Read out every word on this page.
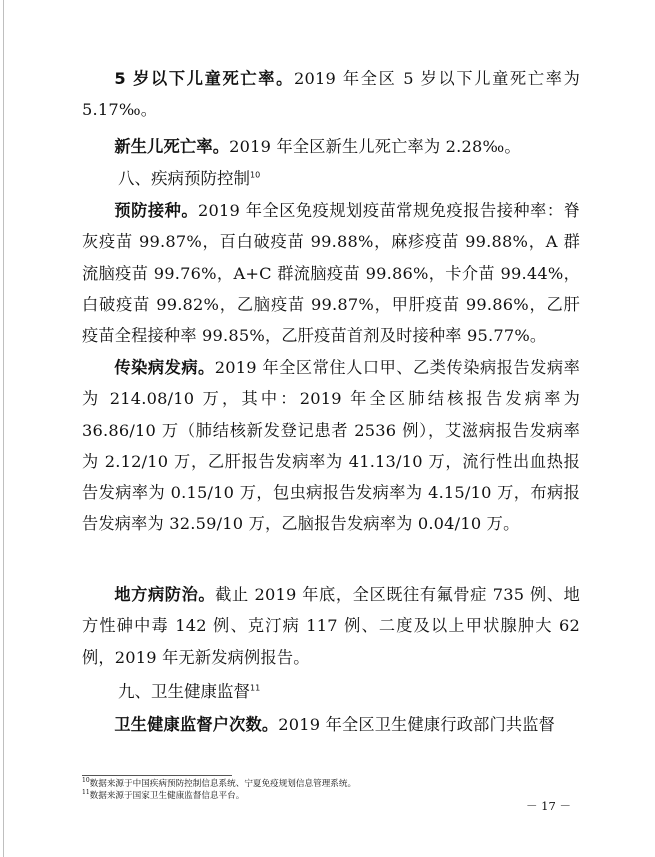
5 岁以下儿童死亡率。2019 年全区 5 岁以下儿童死亡率为 5.17‰。

新生儿死亡率。2019 年全区新生儿死亡率为 2.28‰。

八、疾病预防控制$^{10}$

预防接种。2019 年全区免疫规划疫苗常规免疫报告接种率：脊灰疫苗 99.87%，百白破疫苗 99.88%，麻疹疫苗 99.88%，A 群流脑疫苗 99.76%，A+C 群流脑疫苗 99.86%，卡介苗 99.44%，白破疫苗 99.82%，乙脑疫苗 99.87%，甲肝疫苗 99.86%，乙肝疫苗全程接种率 99.85%，乙肝疫苗首剂及时接种率 95.77%。

传染病发病。2019 年全区常住人口甲、乙类传染病报告发病率为 214.08/10 万，其中：2019 年全区肺结核报告发病率为 36.86/10 万（肺结核新发登记患者 2536 例），艾滋病报告发病率为 2.12/10 万，乙肝报告发病率为 41.13/10 万，流行性出血热报告发病率为 0.15/10 万，包虫病报告发病率为 4.15/10 万，布病报告发病率为 32.59/10 万，乙脑报告发病率为 0.04/10 万。

地方病防治。截止 2019 年底，全区既往有氟骨症 735 例、地方性砷中毒 142 例、克汀病 117 例、二度及以上甲状腺肿大 62 例，2019 年无新发病例报告。

九、卫生健康监督$^{11}$

卫生健康监督户次数。2019 年全区卫生健康行政部门共监督

$^{10}$数据来源于中国疾病预防控制信息系统、宁夏免疫规划信息管理系统。

$^{11}$数据来源于国家卫生健康监督信息平台。

－ 17 －
